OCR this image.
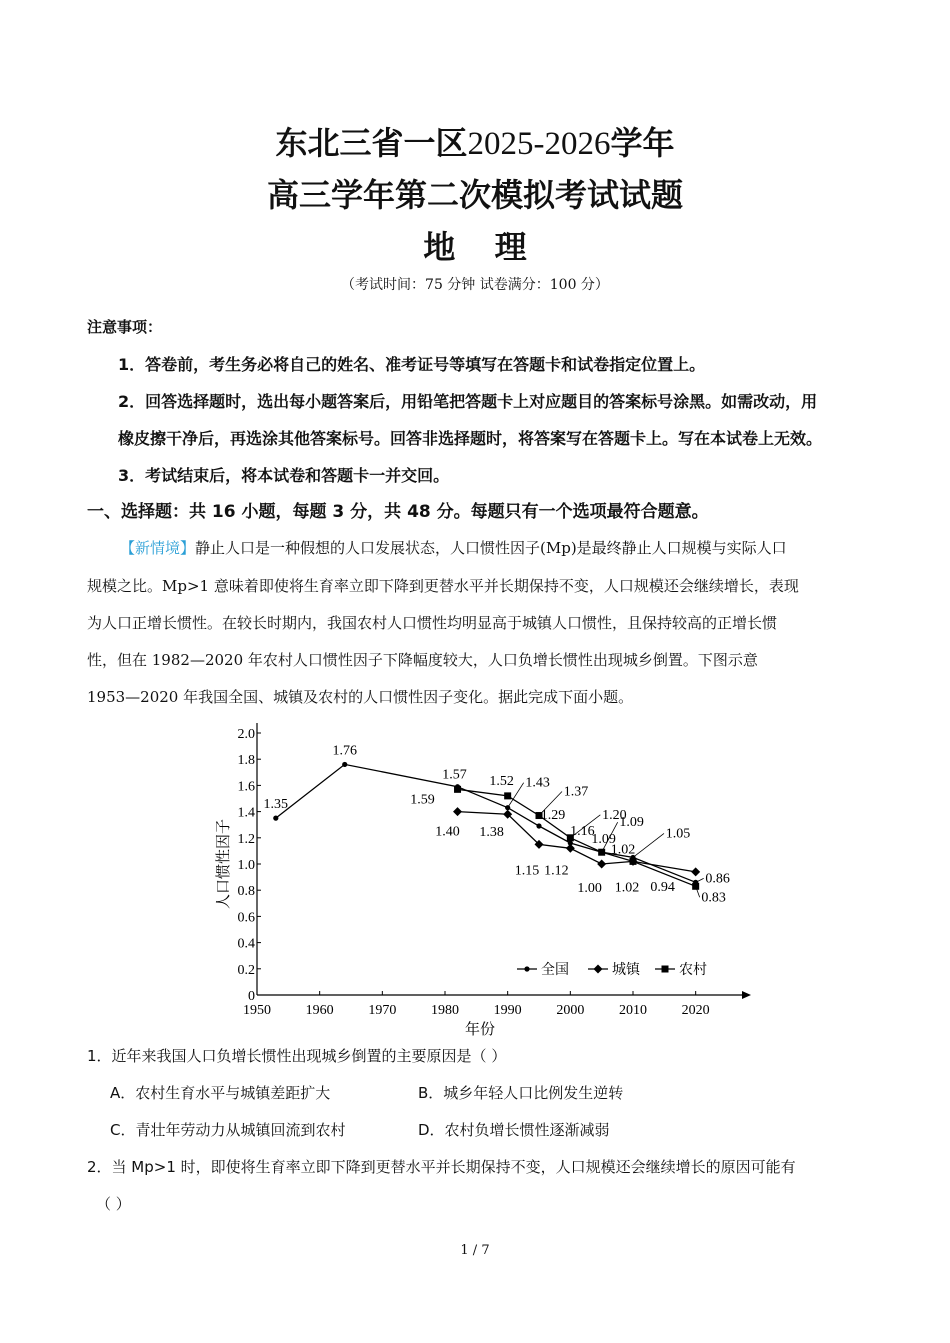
东北三省一区2025-2026学年
高三学年第二次模拟考试试题
地 理
（考试时间：75 分钟 试卷满分：100 分）
注意事项：
1．答卷前，考生务必将自己的姓名、准考证号等填写在答题卡和试卷指定位置上。
2．回答选择题时，选出每小题答案后，用铅笔把答题卡上对应题目的答案标号涂黑。如需改动，用
橡皮擦干净后，再选涂其他答案标号。回答非选择题时，将答案写在答题卡上。写在本试卷上无效。
3．考试结束后，将本试卷和答题卡一并交回。
一、选择题：共 16 小题，每题 3 分，共 48 分。每题只有一个选项最符合题意。
【新情境】静止人口是一种假想的人口发展状态，人口惯性因子(Mp)是最终静止人口规模与实际人口
规模之比。Mp>1 意味着即使将生育率立即下降到更替水平并长期保持不变，人口规模还会继续增长，表现
为人口正增长惯性。在较长时期内，我国农村人口惯性均明显高于城镇人口惯性，且保持较高的正增长惯
性，但在 1982—2020 年农村人口惯性因子下降幅度较大，人口负增长惯性出现城乡倒置。下图示意
1953—2020 年我国全国、城镇及农村的人口惯性因子变化。据此完成下面小题。
1950 1960 1970 1980 1990 2000 2010 2020
0
0.2
0.4
0.6
0.8
1.0
1.2
1.4
1.6
1.8
2.0
年份
人口惯性因子
1.35
1.76
1.57 1.52 1.43
1.37
1.59
1.29	1.20
1.09
1.40 1.38	1.16
1.09
1.02
1.05
1.15 1.12
1.00 1.02
0.86
0.94
0.83
全国	城镇	农村
1．近年来我国人口负增长惯性出现城乡倒置的主要原因是（ ）
A．农村生育水平与城镇差距扩大	B．城乡年轻人口比例发生逆转
C．青壮年劳动力从城镇回流到农村	D．农村负增长惯性逐渐减弱
2．当 Mp>1 时，即使将生育率立即下降到更替水平并长期保持不变，人口规模还会继续增长的原因可能有
（ ）
1 / 7
